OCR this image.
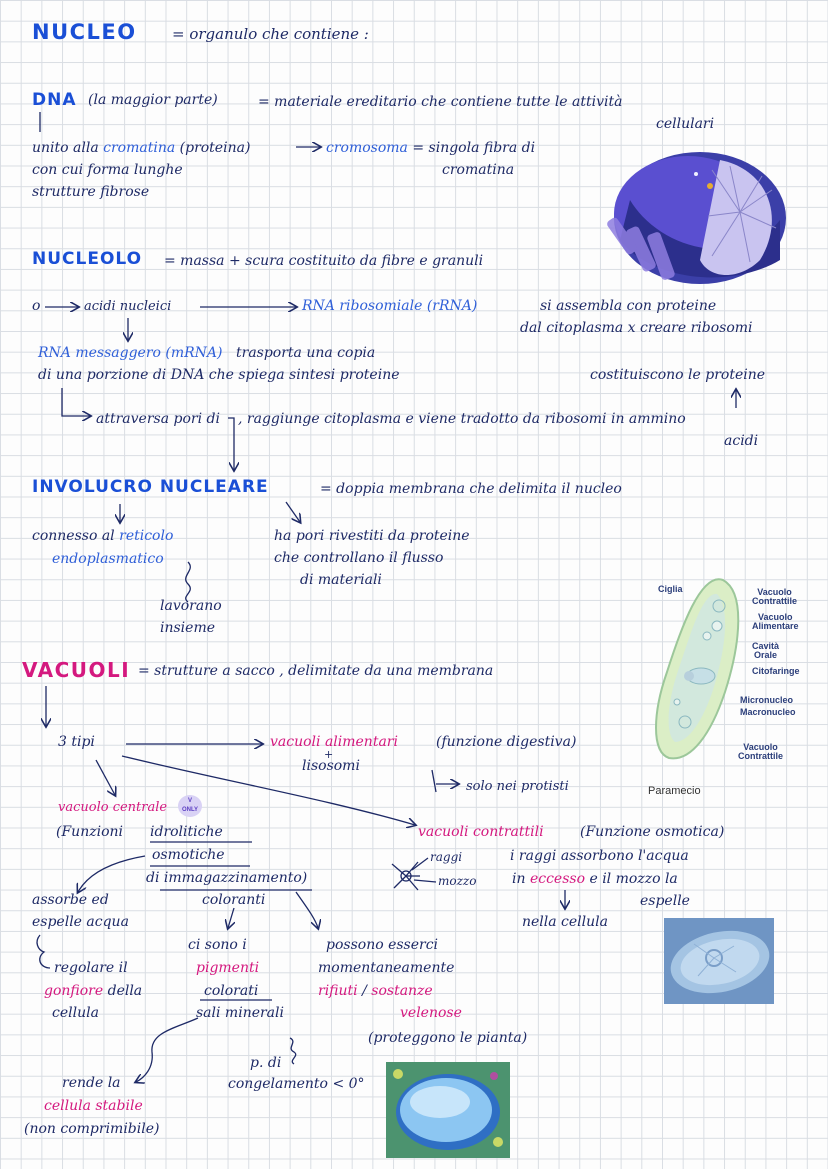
NUCLEO = organulo che contiene :
DNA (la maggior parte)	= materiale ereditario che contiene tutte le attività
cellulari
unito alla cromatina (proteina)
con cui forma lunghe
strutture fibrose
cromosoma = singola fibra di
cromatina
NUCLEOLO = massa + scura costituito da fibre e granuli
o	acidi nucleici	RNA ribosomiale (rRNA)	si assembla con proteine
dal citoplasma x creare ribosomi
RNA messaggero (mRNA) trasporta una copia
di una porzione di DNA che spiega sintesi proteine	costituiscono le proteine
attraversa pori di , raggiunge citoplasma e viene tradotto da ribosomi in ammino
acidi
INVOLUCRO NUCLEARE	= doppia membrana che delimita il nucleo
connesso al reticolo
endoplasmatico
lavorano
insieme
ha pori rivestiti da proteine
che controllano il flusso
di materiali
Ciglia	Vacuolo
Contrattile
Vacuolo
Alimentare
Cavità
Orale
Citofaringe
Micronucleo
Macronucleo
Vacuolo
Contrattile
Paramecio
VACUOLI = strutture a sacco , delimitate da una membrana
3 tipi	vacuoli alimentari	(funzione digestiva)
+
lisosomi
solo nei protisti
vacuolo centrale	V
ONLY
(Funzioni idrolitiche
osmotiche
di immagazzinamento)
coloranti
vacuoli contrattili	(Funzione osmotica)
raggi
mozzo
i raggi assorbono l'acqua
in eccesso e il mozzo la
espelle
nella cellula
assorbe ed
espelle acqua
regolare il
gonfiore della
cellula
ci sono i
pigmenti
colorati
sali minerali
possono esserci
momentaneamente
rifiuti / sostanze
velenose
(proteggono le pianta)
p. di
congelamento < 0°
rende la
cellula stabile
(non comprimibile)
